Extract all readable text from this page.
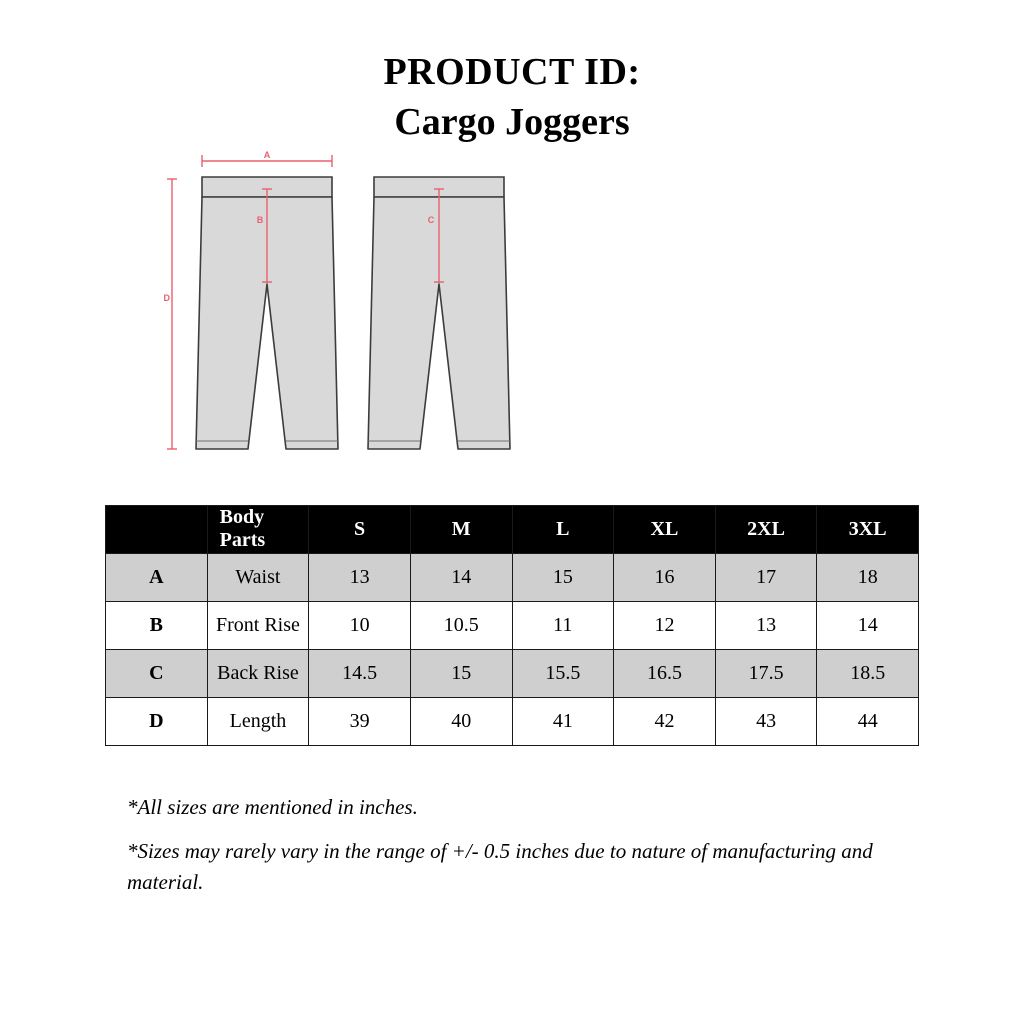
PRODUCT ID:
Cargo Joggers
A
B	C
D
	Body Parts	S	M	L	XL	2XL	3XL
A	Waist	13	14	15	16	17	18
B	Front Rise	10	10.5	11	12	13	14
C	Back Rise	14.5	15	15.5	16.5	17.5	18.5
D	Length	39	40	41	42	43	44
*All sizes are mentioned in inches.
*Sizes may rarely vary in the range of +/- 0.5 inches due to nature of manufacturing and material.
